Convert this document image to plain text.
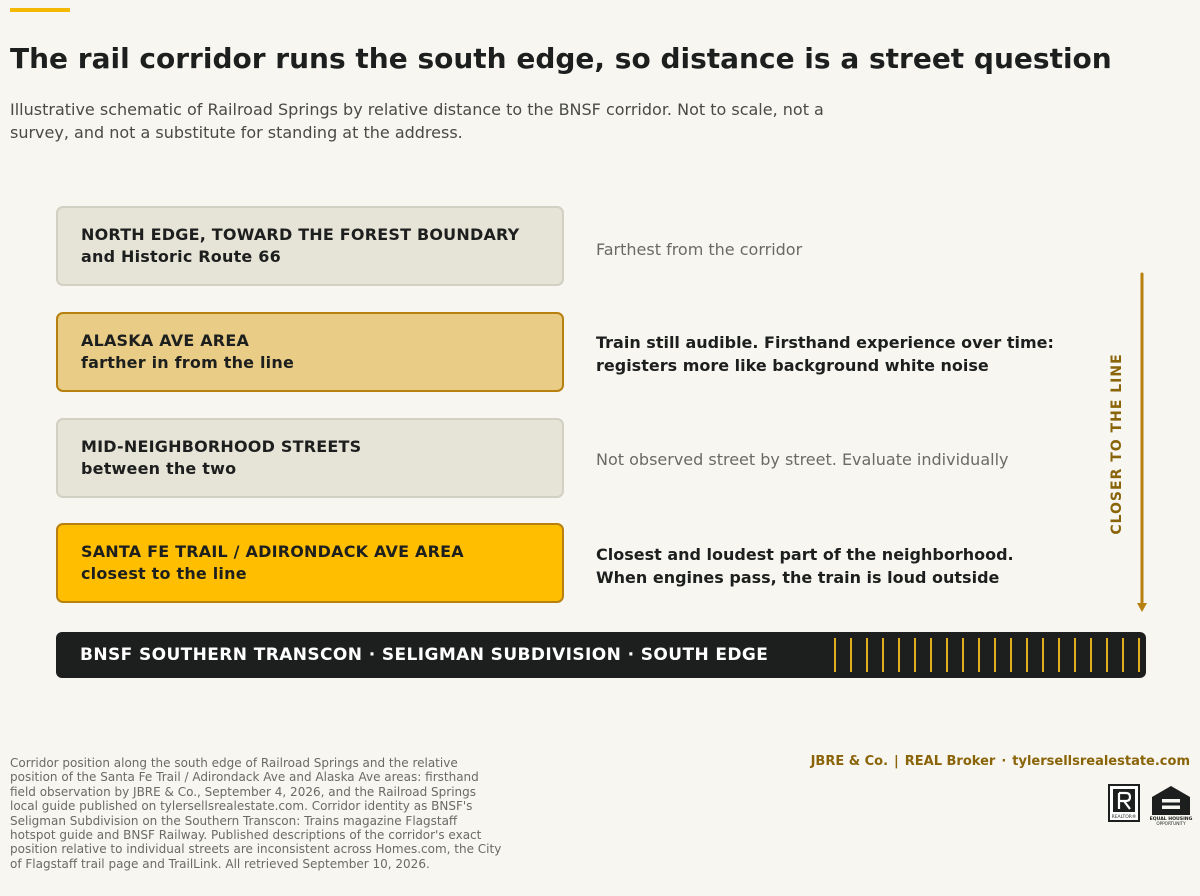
The rail corridor runs the south edge, so distance is a street question

Illustrative schematic of Railroad Springs by relative distance to the BNSF corridor. Not to scale, not a survey, and not a substitute for standing at the address.

NORTH EDGE, TOWARD THE FOREST BOUNDARY
and Historic Route 66	Farthest from the corridor
ALASKA AVE AREA
farther in from the line
Train still audible. Firsthand experience over time:
registers more like background white noise
MID-NEIGHBORHOOD STREETS
between the two	Not observed street by street. Evaluate individually
SANTA FE TRAIL / ADIRONDACK AVE AREA
closest to the line
Closest and loudest part of the neighborhood.
When engines pass, the train is loud outside
CLOSER TO THE LINE
BNSF SOUTHERN TRANSCON · SELIGMAN SUBDIVISION · SOUTH EDGE

Corridor position along the south edge of Railroad Springs and the relative position of the Santa Fe Trail / Adirondack Ave and Alaska Ave areas: firsthand field observation by JBRE & Co., September 4, 2026, and the Railroad Springs local guide published on tylersellsrealestate.com. Corridor identity as BNSF's Seligman Subdivision on the Southern Transcon: Trains magazine Flagstaff hotspot guide and BNSF Railway. Published descriptions of the corridor's exact position relative to individual streets are inconsistent across Homes.com, the City of Flagstaff trail page and TrailLink. All retrieved September 10, 2026.

JBRE & Co. | REAL Broker·tylersellsrealestate.com
REALTOR®	EQUAL HOUSING
OPPORTUNITY
